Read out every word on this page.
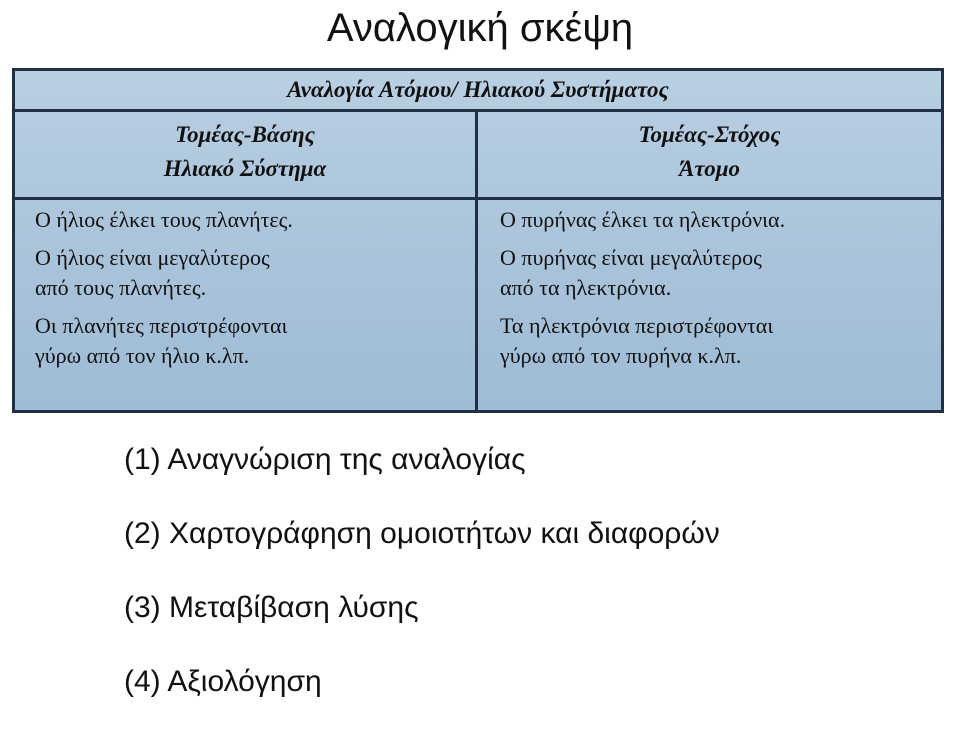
Αναλογική σκέψη
Αναλογία Ατόμου/ Ηλιακού Συστήματος
Τομέας-Βάσης
Ηλιακό Σύστημα
Τομέας-Στόχος
Άτομο
Ο ήλιος έλκει τους πλανήτες.
Ο ήλιος είναι μεγαλύτερος
από τους πλανήτες.
Οι πλανήτες περιστρέφονται
γύρω από τον ήλιο κ.λπ.
Ο πυρήνας έλκει τα ηλεκτρόνια.
Ο πυρήνας είναι μεγαλύτερος
από τα ηλεκτρόνια.
Τα ηλεκτρόνια περιστρέφονται
γύρω από τον πυρήνα κ.λπ.
(1) Αναγνώριση της αναλογίας
(2) Χαρτογράφηση ομοιοτήτων και διαφορών
(3) Μεταβίβαση λύσης
(4) Αξιολόγηση
